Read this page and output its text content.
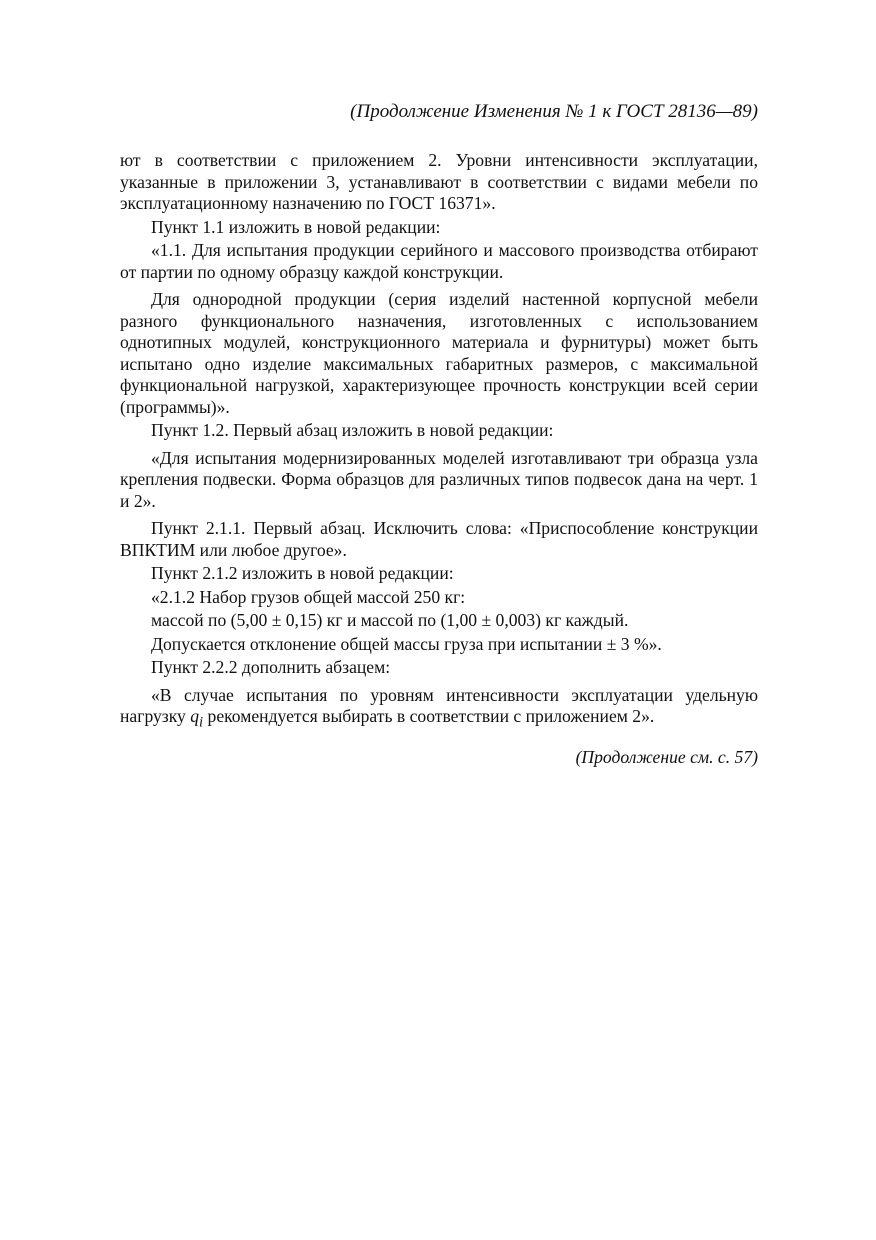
(Продолжение Изменения № 1 к ГОСТ 28136—89)

ют в соответствии с приложением 2. Уровни интенсивности эксплуатации, указанные в приложении 3, устанавливают в соответствии с видами мебели по эксплуатационному назначению по ГОСТ 16371».

Пункт 1.1 изложить в новой редакции:

«1.1. Для испытания продукции серийного и массового производства отбирают от партии по одному образцу каждой конструкции.

Для однородной продукции (серия изделий настенной корпусной мебели разного функционального назначения, изготовленных с использованием однотипных модулей, конструкционного материала и фурнитуры) может быть испытано одно изделие максимальных габаритных размеров, с максимальной функциональной нагрузкой, характеризующее прочность конструкции всей серии (программы)».

Пункт 1.2. Первый абзац изложить в новой редакции:

«Для испытания модернизированных моделей изготавливают три образца узла крепления подвески. Форма образцов для различных типов подвесок дана на черт. 1 и 2».

Пункт 2.1.1. Первый абзац. Исключить слова: «Приспособление конструкции ВПКТИМ или любое другое».

Пункт 2.1.2 изложить в новой редакции:

«2.1.2 Набор грузов общей массой 250 кг:

массой по (5,00 ± 0,15) кг и массой по (1,00 ± 0,003) кг каждый.

Допускается отклонение общей массы груза при испытании ± 3 %».

Пункт 2.2.2 дополнить абзацем:

«В случае испытания по уровням интенсивности эксплуатации удельную нагрузку $q_i$ рекомендуется выбирать в соответствии с приложением 2».

(Продолжение см. с. 57)
